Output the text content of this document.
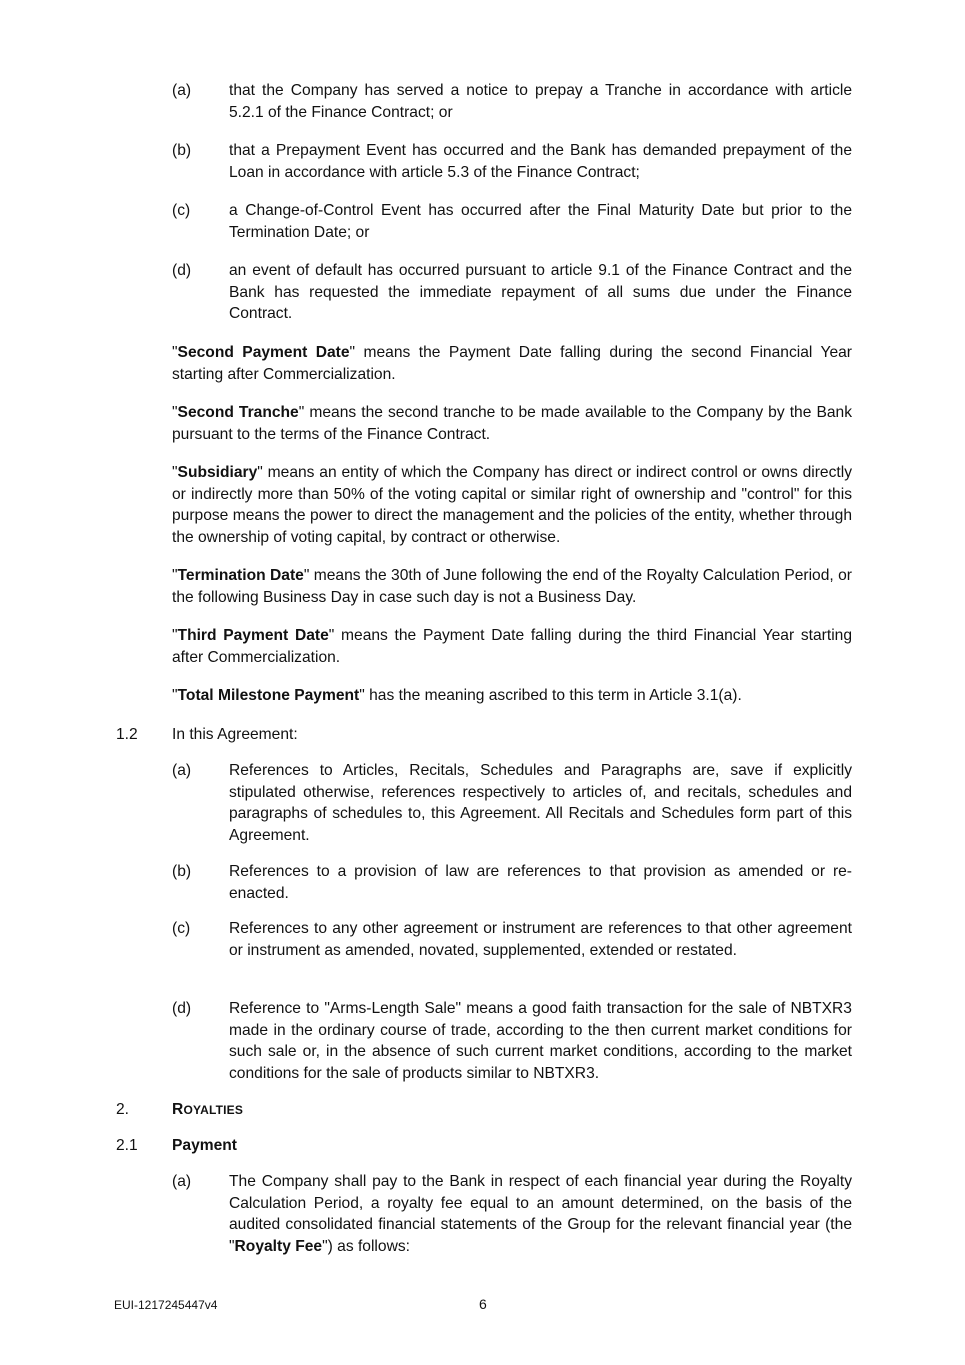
(a)	that the Company has served a notice to prepay a Tranche in accordance with article 5.2.1 of the Finance Contract; or
(b)	that a Prepayment Event has occurred and the Bank has demanded prepayment of the Loan in accordance with article 5.3 of the Finance Contract;
(c)	a Change-of-Control Event has occurred after the Final Maturity Date but prior to the Termination Date; or
(d)	an event of default has occurred pursuant to article 9.1 of the Finance Contract and the Bank has requested the immediate repayment of all sums due under the Finance Contract.
"Second Payment Date" means the Payment Date falling during the second Financial Year starting after Commercialization.
"Second Tranche" means the second tranche to be made available to the Company by the Bank pursuant to the terms of the Finance Contract.
"Subsidiary" means an entity of which the Company has direct or indirect control or owns directly or indirectly more than 50% of the voting capital or similar right of ownership and "control" for this purpose means the power to direct the management and the policies of the entity, whether through the ownership of voting capital, by contract or otherwise.
"Termination Date" means the 30th of June following the end of the Royalty Calculation Period, or the following Business Day in case such day is not a Business Day.
"Third Payment Date" means the Payment Date falling during the third Financial Year starting after Commercialization.
"Total Milestone Payment" has the meaning ascribed to this term in Article 3.1(a).
1.2 In this Agreement:
(a)	References to Articles, Recitals, Schedules and Paragraphs are, save if explicitly stipulated otherwise, references respectively to articles of, and recitals, schedules and paragraphs of schedules to, this Agreement. All Recitals and Schedules form part of this Agreement.
(b)	References to a provision of law are references to that provision as amended or re-enacted.
(c)	References to any other agreement or instrument are references to that other agreement or instrument as amended, novated, supplemented, extended or restated.
(d)	Reference to "Arms-Length Sale" means a good faith transaction for the sale of NBTXR3 made in the ordinary course of trade, according to the then current market conditions for such sale or, in the absence of such current market conditions, according to the market conditions for the sale of products similar to NBTXR3.
2.	ROYALTIES
2.1 Payment
(a)	The Company shall pay to the Bank in respect of each financial year during the Royalty Calculation Period, a royalty fee equal to an amount determined, on the basis of the audited consolidated financial statements of the Group for the relevant financial year (the "Royalty Fee") as follows:
EUI-1217245447v4	6
